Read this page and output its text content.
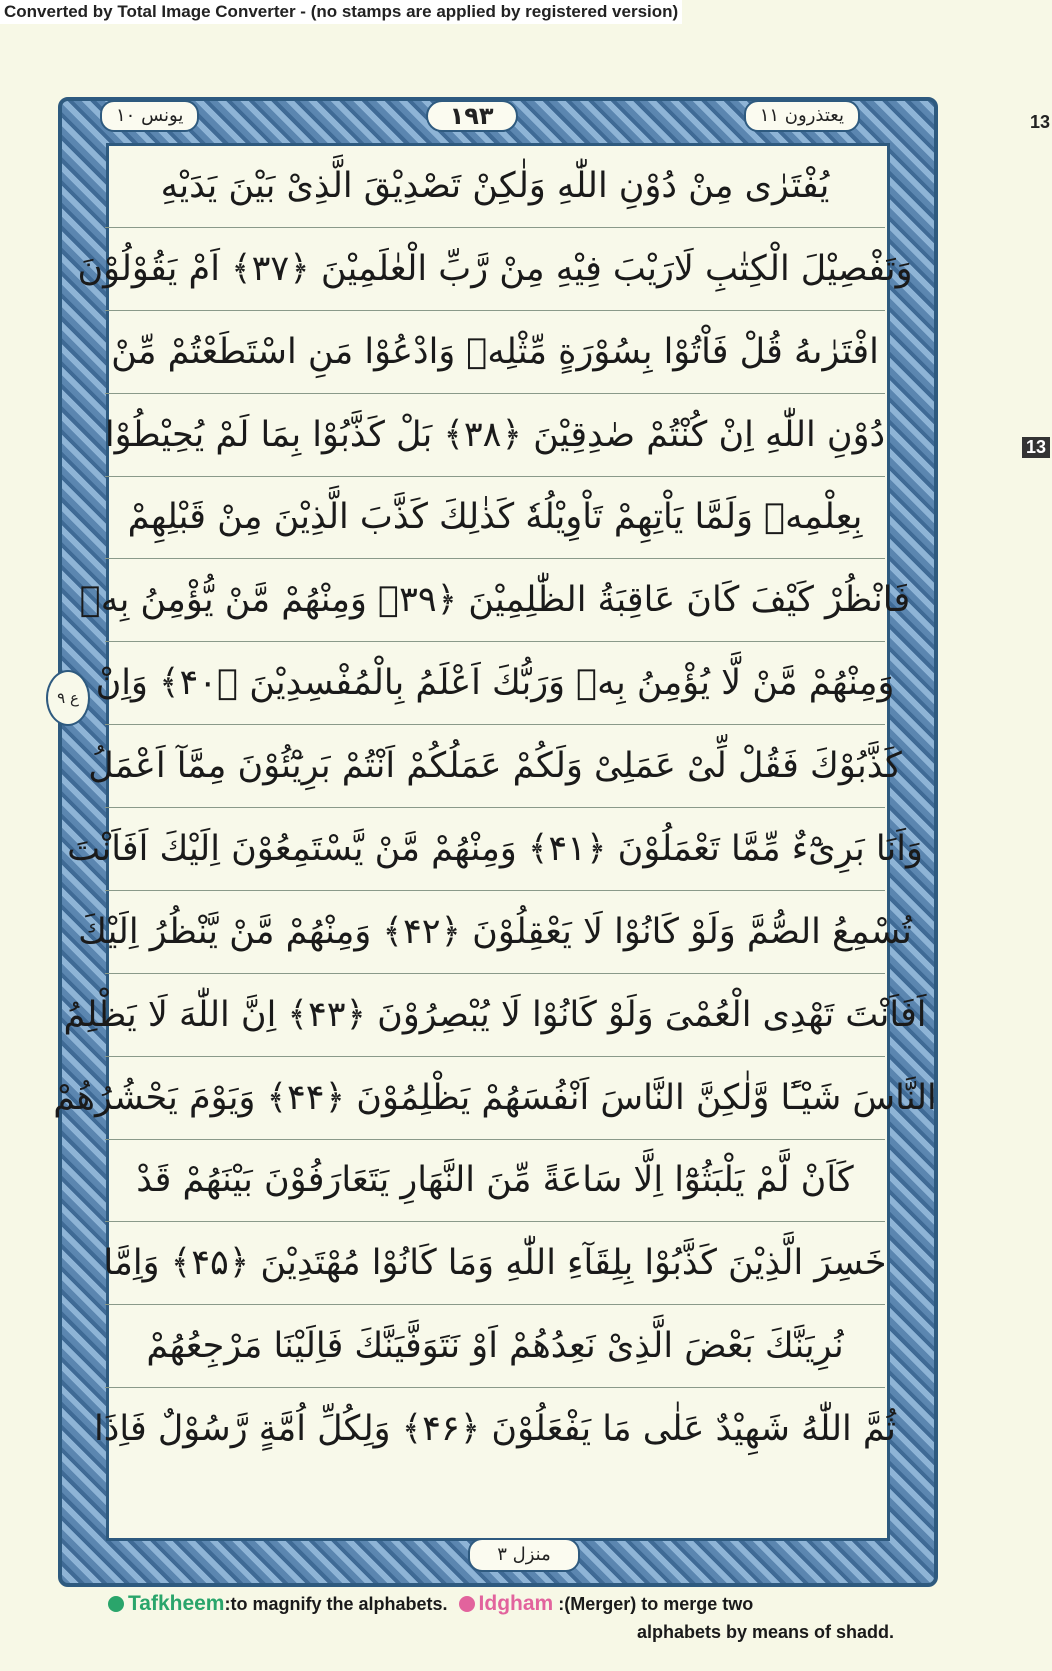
Converted by Total Image Converter - (no stamps are applied by registered version)
13
13
یونس ۱۰	۱۹۳	یعتذرون ۱۱
ع ۹
یُفْتَرٰی مِنْ دُوْنِ اللّٰهِ وَلٰکِنْ تَصْدِیْقَ الَّذِیْ بَیْنَ یَدَیْهِ
وَتَفْصِیْلَ الْکِتٰبِ لَارَیْبَ فِیْهِ مِنْ رَّبِّ الْعٰلَمِیْنَ ﴿۳۷﴾ اَمْ یَقُوْلُوْنَ
افْتَرٰىهُ قُلْ فَاْتُوْا بِسُوْرَةٍ مِّثْلِهٖ وَادْعُوْا مَنِ اسْتَطَعْتُمْ مِّنْ
دُوْنِ اللّٰهِ اِنْ کُنْتُمْ صٰدِقِیْنَ ﴿۳۸﴾ بَلْ کَذَّبُوْا بِمَا لَمْ یُحِیْطُوْا
بِعِلْمِهٖ وَلَمَّا یَاْتِهِمْ تَاْوِیْلُهٗ کَذٰلِكَ کَذَّبَ الَّذِیْنَ مِنْ قَبْلِهِمْ
فَانْظُرْ کَیْفَ کَانَ عَاقِبَةُ الظّٰلِمِیْنَ ﴿۳۹﴾ وَمِنْهُمْ مَّنْ یُّؤْمِنُ بِهٖ
وَمِنْهُمْ مَّنْ لَّا یُؤْمِنُ بِهٖ وَرَبُّكَ اَعْلَمُ بِالْمُفْسِدِیْنَ ﴿۴۰﴾ وَاِنْ
کَذَّبُوْكَ فَقُلْ لِّیْ عَمَلِیْ وَلَکُمْ عَمَلُکُمْ اَنْتُمْ بَرِیْٓئُوْنَ مِمَّآ اَعْمَلُ
وَاَنَا بَرِیْٓءٌ مِّمَّا تَعْمَلُوْنَ ﴿۴۱﴾ وَمِنْهُمْ مَّنْ یَّسْتَمِعُوْنَ اِلَیْكَ اَفَاَنْتَ
تُسْمِعُ الصُّمَّ وَلَوْ کَانُوْا لَا یَعْقِلُوْنَ ﴿۴۲﴾ وَمِنْهُمْ مَّنْ یَّنْظُرُ اِلَیْكَ
اَفَاَنْتَ تَهْدِی الْعُمْیَ وَلَوْ کَانُوْا لَا یُبْصِرُوْنَ ﴿۴۳﴾ اِنَّ اللّٰهَ لَا یَظْلِمُ
النَّاسَ شَیْـًٔا وَّلٰکِنَّ النَّاسَ اَنْفُسَهُمْ یَظْلِمُوْنَ ﴿۴۴﴾ وَیَوْمَ یَحْشُرُهُمْ
کَاَنْ لَّمْ یَلْبَثُوْٓا اِلَّا سَاعَةً مِّنَ النَّهَارِ یَتَعَارَفُوْنَ بَیْنَهُمْ قَدْ
خَسِرَ الَّذِیْنَ کَذَّبُوْا بِلِقَآءِ اللّٰهِ وَمَا کَانُوْا مُهْتَدِیْنَ ﴿۴۵﴾ وَاِمَّا
نُرِیَنَّكَ بَعْضَ الَّذِیْ نَعِدُهُمْ اَوْ نَتَوَفَّیَنَّكَ فَاِلَیْنَا مَرْجِعُهُمْ
ثُمَّ اللّٰهُ شَهِیْدٌ عَلٰی مَا یَفْعَلُوْنَ ﴿۴۶﴾ وَلِکُلِّ اُمَّةٍ رَّسُوْلٌ فَاِذَا
منزل ۳
Tafkheem:to magnify the alphabets. Idgham :(Merger) to merge two
alphabets by means of shadd.
